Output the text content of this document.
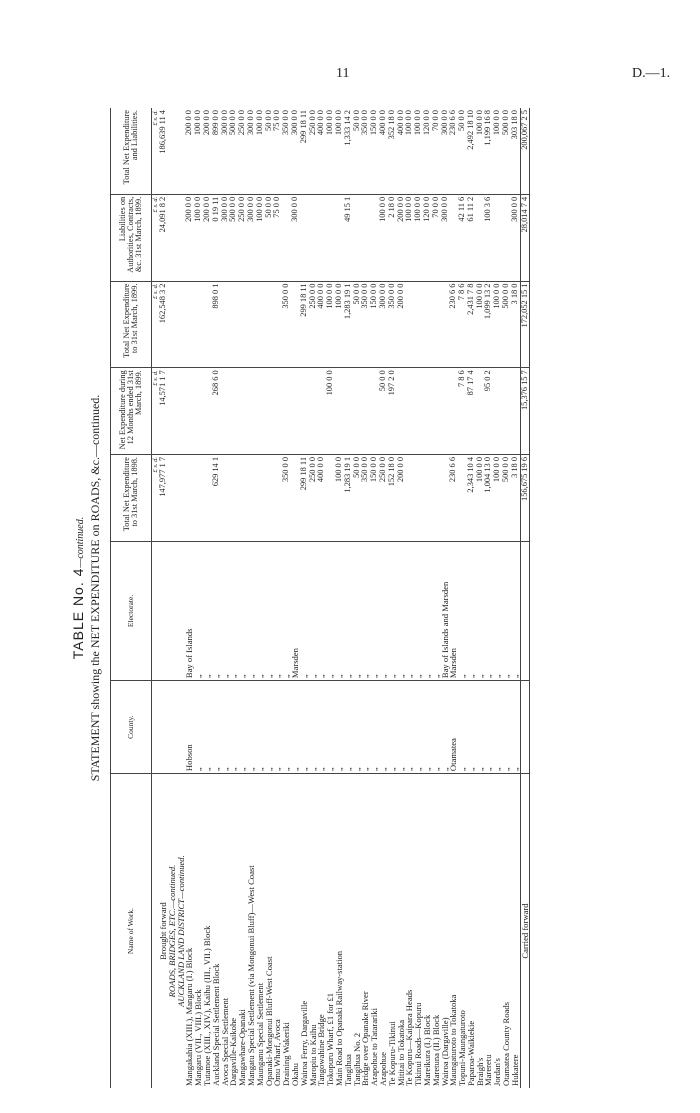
11	D.—1.
TABLE No. 4—continued. STATEMENT showing the NET EXPENDITURE on ROADS, &c.—continued.
Name of Work.	County.	Electorate.	Total Net Expenditure to 31st March, 1898.	Net Expenditure during 12 Months ended 31st March, 1899.	Total Net Expenditure to 31st March, 1899.	Liabilities on Authorities, Contracts, &c. 31st March, 1899.	Total Net Expenditure and Liabilities.
			£ s. d.	£ s. d.	£ s. d.	£ s. d.	£ s. d.
Brought forward			147,977 1 7	14,571 1 7	162,548 3 2	24,091 8 2	186,639 11 4
ROADS, BRIDGES, ETC.—continued.							
AUCKLAND LAND DISTRICT—continued.							
Mangakahia (XIII.), Mangaru (I.) Block	Hobson	Bay of Islands				200 0 0	200 0 0
Mangaru (VII., VIII.) Block	„	„				100 0 0	100 0 0
Tutamoe (XIII., XIV.), Kaihu (III., VII.) Block	„	„				200 0 0	200 0 0
Auckland Special Settlement Block	„	„	629 14 1	268 6 0	898 0 1	0 19 11	899 0 0
Avoca Special Settlement	„	„				300 0 0	300 0 0
Dargaville-Kaikohe	„	„				500 0 0	500 0 0
Mangawhare-Opanaki	„	„				250 0 0	250 0 0
Mangatu Special Settlement (via Mongonui Bluff)—West Coast	„	„				300 0 0	300 0 0
Maunganu Special Settlement	„	„				100 0 0	100 0 0
Opanaki-Mongonui Bluff-West Coast	„	„				50 0 0	50 0 0
Omu Wharf, Avoca	„	„				75 0 0	75 0 0
Draining Wakeriki	„	„	350 0 0		350 0 0		350 0 0
Okahu	„	Marsden				300 0 0	300 0 0
Wairoa Ferry, Dargaville	„	„	299 18 11		299 18 11		299 18 11
Maropiu to Kaihu	„	„	250 0 0		250 0 0		250 0 0
Tangowahine Bridge	„	„	400 0 0		400 0 0		400 0 0
Tokopuru Wharf, £1 for £1	„	„		100 0 0	100 0 0		100 0 0
Main Road to Opanaki Railway-station	„	„	100 0 0		100 0 0		100 0 0
Tangihua	„	„	1,283 19 1		1,283 19 1	49 15 1	1,333 14 2
Tangihua No. 2	„	„	50 0 0		50 0 0		50 0 0
Bridge over Opanake River	„	„	350 0 0		350 0 0		350 0 0
Arapohue to Tatarariki	„	„	150 0 0		150 0 0		150 0 0
Arapohue	„	„	250 0 0	50 0 0	300 0 0	100 0 0	400 0 0
Te Kopuru-Tikinui	„	„	152 18 0	197 2 0	350 0 0	2 18 0	352 18 0
Mititai to Tokatoka	„	„	200 0 0		200 0 0	200 0 0	400 0 0
Te Kopuru—Kaipara Heads	„	„				100 0 0	100 0 0
Tikinui Roads—Kopuru	„	„				100 0 0	100 0 0
Mareikura (I.) Block	„	„				120 0 0	120 0 0
Maretuna (II.) Block	„	„				70 0 0	70 0 0
Wairoa (Dargaville)	„	Bay of Islands and Marsden				300 0 0	300 0 0
Maungaturoto to Tokatoka	Otamatea	Marsden	230 6 6		230 6 6		230 6 6
Topuni-Maungaturoto	„	„		7 8 6	7 8 6	42 11 6	50 0 0
Paparoa-Waikiekie	„	„	2,343 10 4	87 17 4	2,431 7 8	61 11 2	2,492 18 10
Braigh's	„	„	100 0 0		100 0 0		100 0 0
Mareretu	„	„	1,004 13 0	95 0 2	1,099 13 2	100 3 6	1,199 16 8
Jordan's	„	„	100 0 0		100 0 0		100 0 0
Otamatea County Roads	„	„	500 0 0		500 0 0		500 0 0
Hukatere	„	„	3 18 0		3 18 0	300 0 0	303 18 0
Carried forward			156,675 19 6	15,376 15 7	172,052 15 1	28,014 7 4	200,067 2 5
